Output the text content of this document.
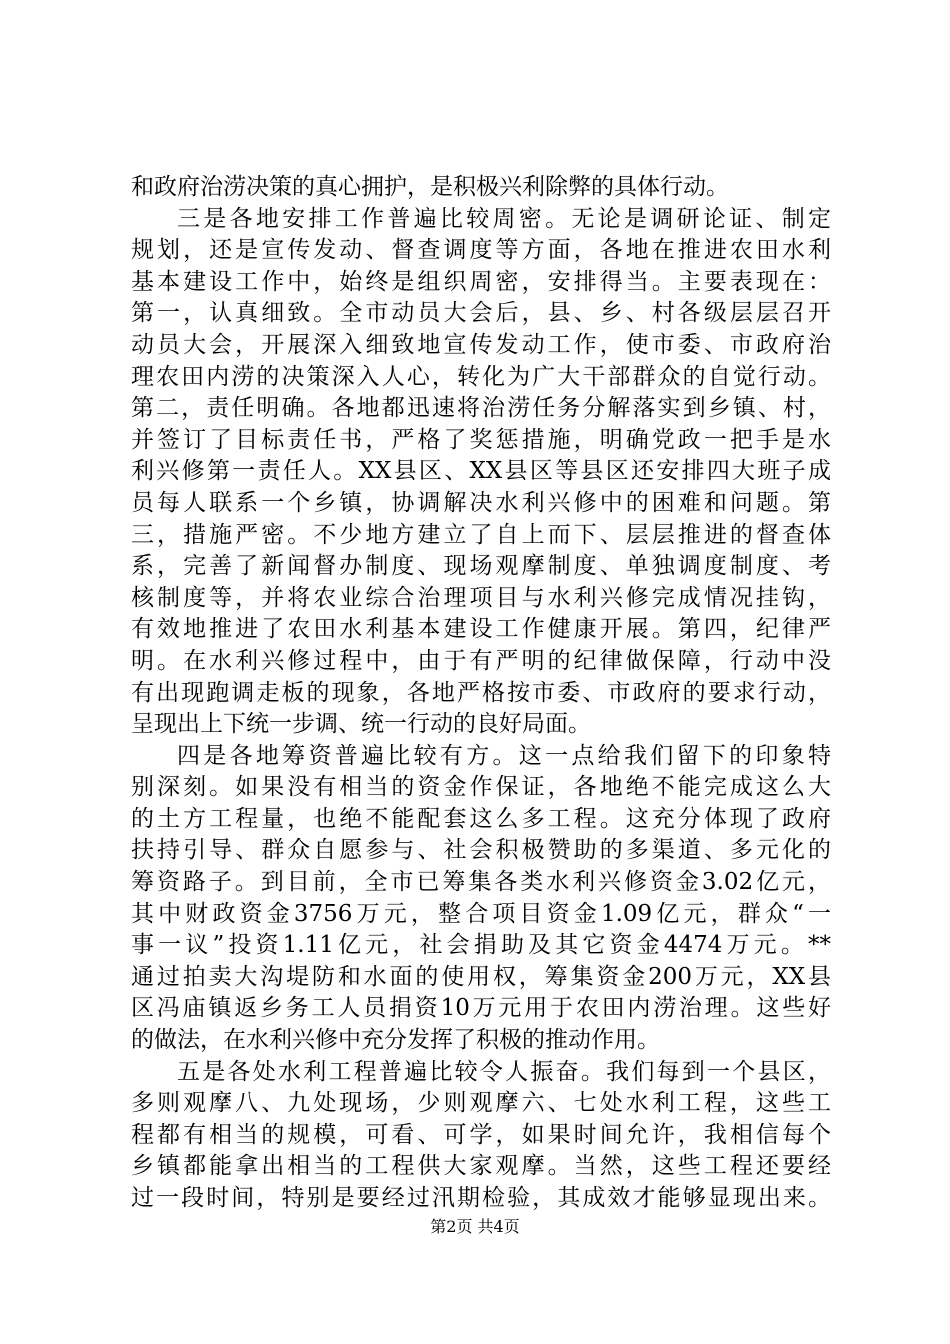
和政府治涝决策的真心拥护，是积极兴利除弊的具体行动。
三是各地安排工作普遍比较周密。无论是调研论证、制定
规划，还是宣传发动、督查调度等方面，各地在推进农田水利
基本建设工作中，始终是组织周密，安排得当。主要表现在：
第一，认真细致。全市动员大会后，县、乡、村各级层层召开
动员大会，开展深入细致地宣传发动工作，使市委、市政府治
理农田内涝的决策深入人心，转化为广大干部群众的自觉行动。
第二，责任明确。各地都迅速将治涝任务分解落实到乡镇、村，
并签订了目标责任书，严格了奖惩措施，明确党政一把手是水
利兴修第一责任人。XX县区、XX县区等县区还安排四大班子成
员每人联系一个乡镇，协调解决水利兴修中的困难和问题。第
三，措施严密。不少地方建立了自上而下、层层推进的督查体
系，完善了新闻督办制度、现场观摩制度、单独调度制度、考
核制度等，并将农业综合治理项目与水利兴修完成情况挂钩，
有效地推进了农田水利基本建设工作健康开展。第四，纪律严
明。在水利兴修过程中，由于有严明的纪律做保障，行动中没
有出现跑调走板的现象，各地严格按市委、市政府的要求行动，
呈现出上下统一步调、统一行动的良好局面。
四是各地筹资普遍比较有方。这一点给我们留下的印象特
别深刻。如果没有相当的资金作保证，各地绝不能完成这么大
的土方工程量，也绝不能配套这么多工程。这充分体现了政府
扶持引导、群众自愿参与、社会积极赞助的多渠道、多元化的
筹资路子。到目前，全市已筹集各类水利兴修资金3.02亿元，
其中财政资金3756万元，整合项目资金1.09亿元，群众“一
事一议”投资1.11亿元，社会捐助及其它资金4474万元。**
通过拍卖大沟堤防和水面的使用权，筹集资金200万元，XX县
区冯庙镇返乡务工人员捐资10万元用于农田内涝治理。这些好
的做法，在水利兴修中充分发挥了积极的推动作用。
五是各处水利工程普遍比较令人振奋。我们每到一个县区，
多则观摩八、九处现场，少则观摩六、七处水利工程，这些工
程都有相当的规模，可看、可学，如果时间允许，我相信每个
乡镇都能拿出相当的工程供大家观摩。当然，这些工程还要经
过一段时间，特别是要经过汛期检验，其成效才能够显现出来。
第2页 共4页
